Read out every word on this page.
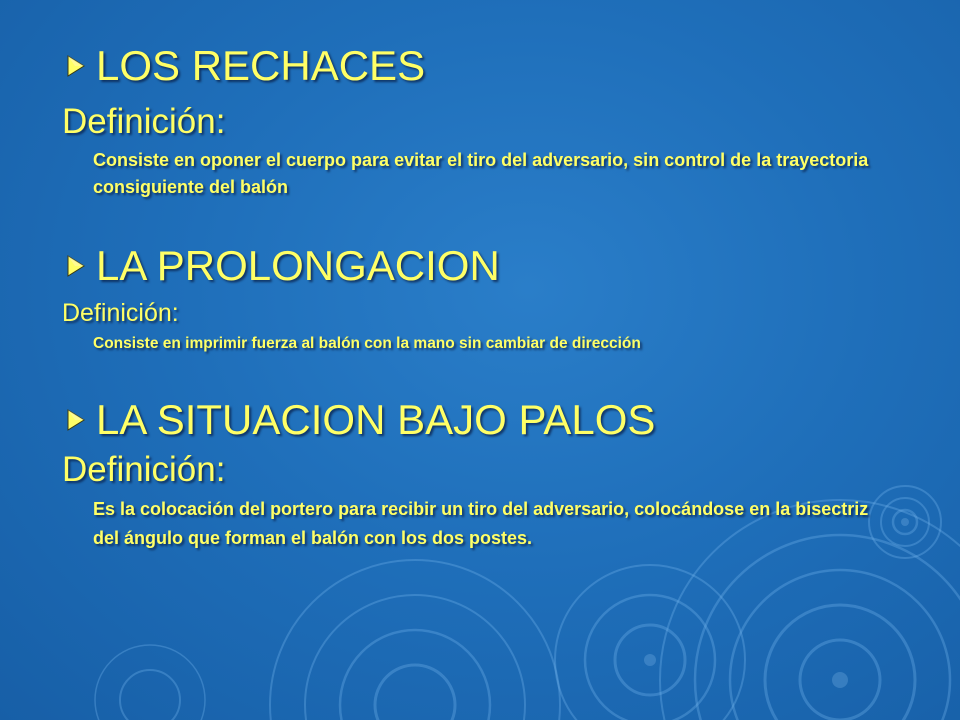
LOS RECHACES
Definición:
Consiste en oponer el cuerpo para evitar el tiro del adversario, sin control de la trayectoria consiguiente del balón
LA PROLONGACION
Definición:
Consiste en imprimir fuerza al balón con la mano sin cambiar de dirección
LA SITUACION BAJO PALOS
Definición:
Es la colocación del portero para recibir un tiro del adversario, colocándose en la bisectriz del ángulo que forman el balón con los dos postes.
